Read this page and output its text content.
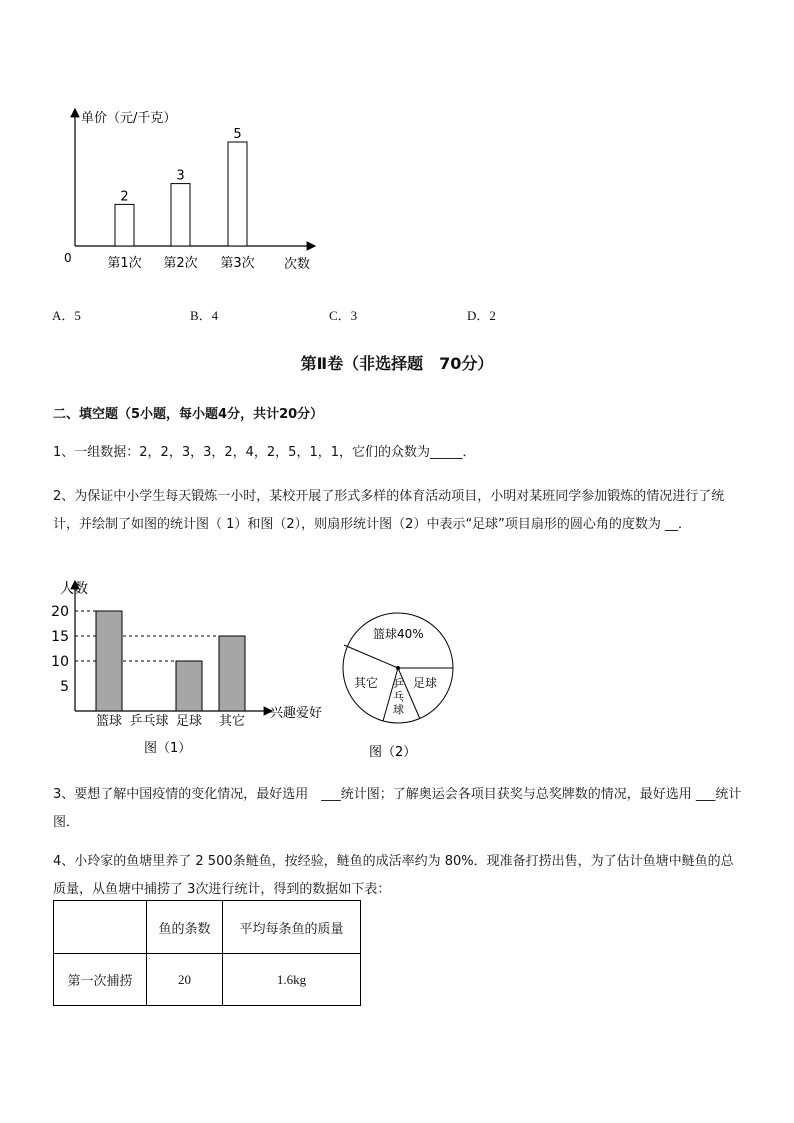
单价（元/千克）
0	次数
2
第1次
3
第2次
5
第3次
A．5	B．4	C．3	D．2
第Ⅱ卷（非选择题　70分）
二、填空题（5小题，每小题4分，共计20分）
1、一组数据：2，2，3，3，2，4，2，5，1，1，它们的众数为_____．
2、为保证中小学生每天锻炼一小时，某校开展了形式多样的体育活动项目，小明对某班同学参加锻炼的情况进行了统计，并绘制了如图的统计图（ 1）和图（2），则扇形统计图（2）中表示“足球”项目扇形的圆心角的度数为 __．
人数
兴趣爱好
图（1）
5
10
15
20
篮球 乒乓球 足球 其它
篮球40%
足球
其它 乒
乓
球
图（2）
3、要想了解中国疫情的变化情况，最好选用　___统计图；了解奥运会各项目获奖与总奖牌数的情况，最好选用 ___统计图．
4、小玲家的鱼塘里养了 2 500条鲢鱼，按经验，鲢鱼的成活率约为 80%．现准备打捞出售，为了估计鱼塘中鲢鱼的总质量，从鱼塘中捕捞了 3次进行统计，得到的数据如下表：
	鱼的条数	平均每条鱼的质量
第一次捕捞	20	1.6kg
